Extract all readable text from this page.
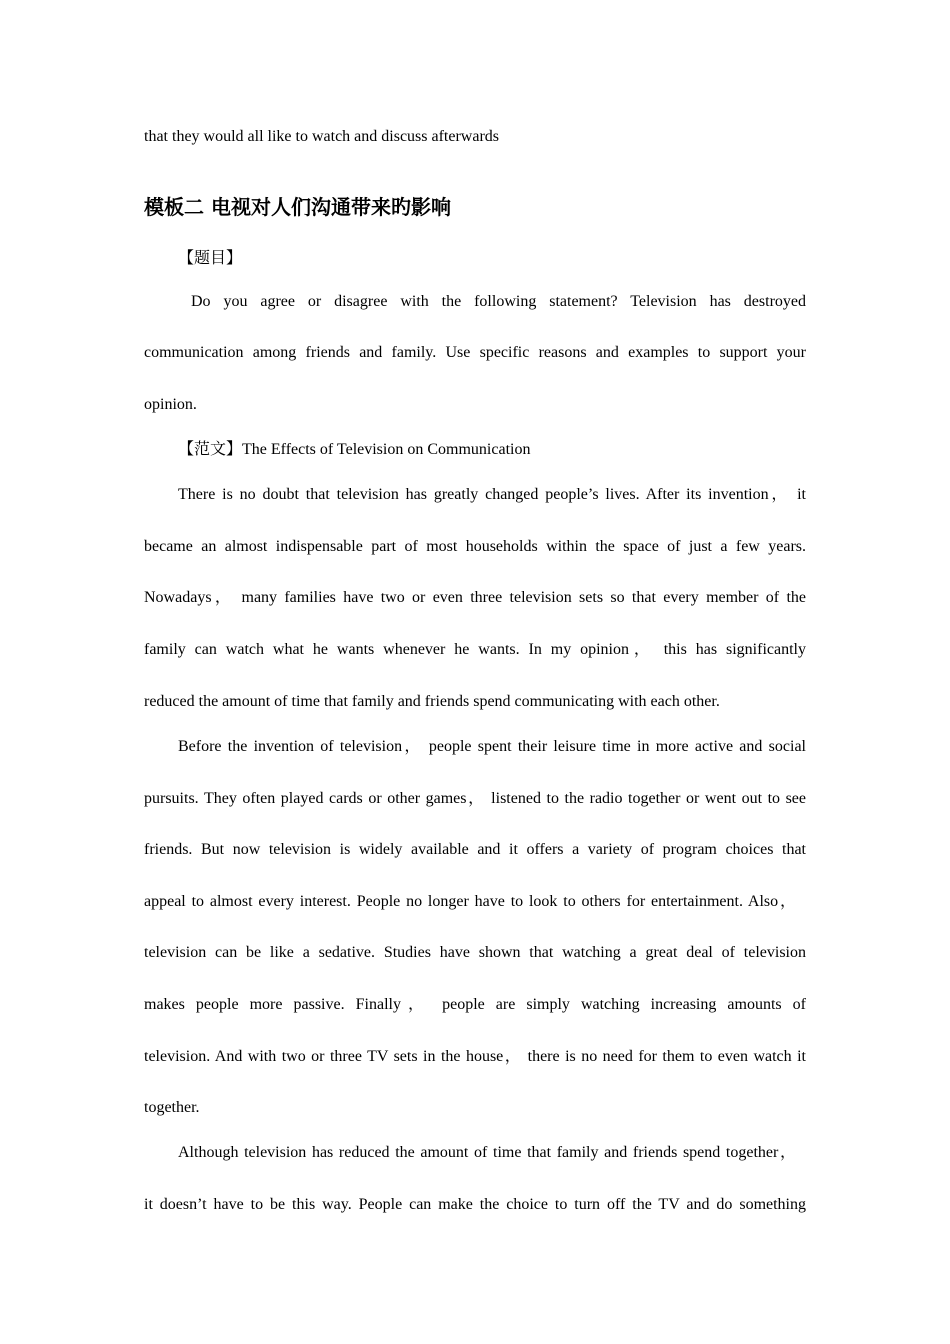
that they would all like to watch and discuss afterwards
模板二 电视对人们沟通带来旳影响
【题目】
Do you agree or disagree with the following statement? Television has destroyed
communication among friends and family. Use specific reasons and examples to support your
opinion.
【范文】The Effects of Television on Communication
There is no doubt that television has greatly changed people’s lives. After its invention， it
became an almost indispensable part of most households within the space of just a few years.
Nowadays， many families have two or even three television sets so that every member of the
family can watch what he wants whenever he wants. In my opinion， this has significantly
reduced the amount of time that family and friends spend communicating with each other.
Before the invention of television， people spent their leisure time in more active and social
pursuits. They often played cards or other games， listened to the radio together or went out to see
friends. But now television is widely available and it offers a variety of program choices that
appeal to almost every interest. People no longer have to look to others for entertainment. Also，
television can be like a sedative. Studies have shown that watching a great deal of television
makes people more passive. Finally， people are simply watching increasing amounts of
television. And with two or three TV sets in the house， there is no need for them to even watch it
together.
Although television has reduced the amount of time that family and friends spend together，
it doesn’t have to be this way. People can make the choice to turn off the TV and do something
